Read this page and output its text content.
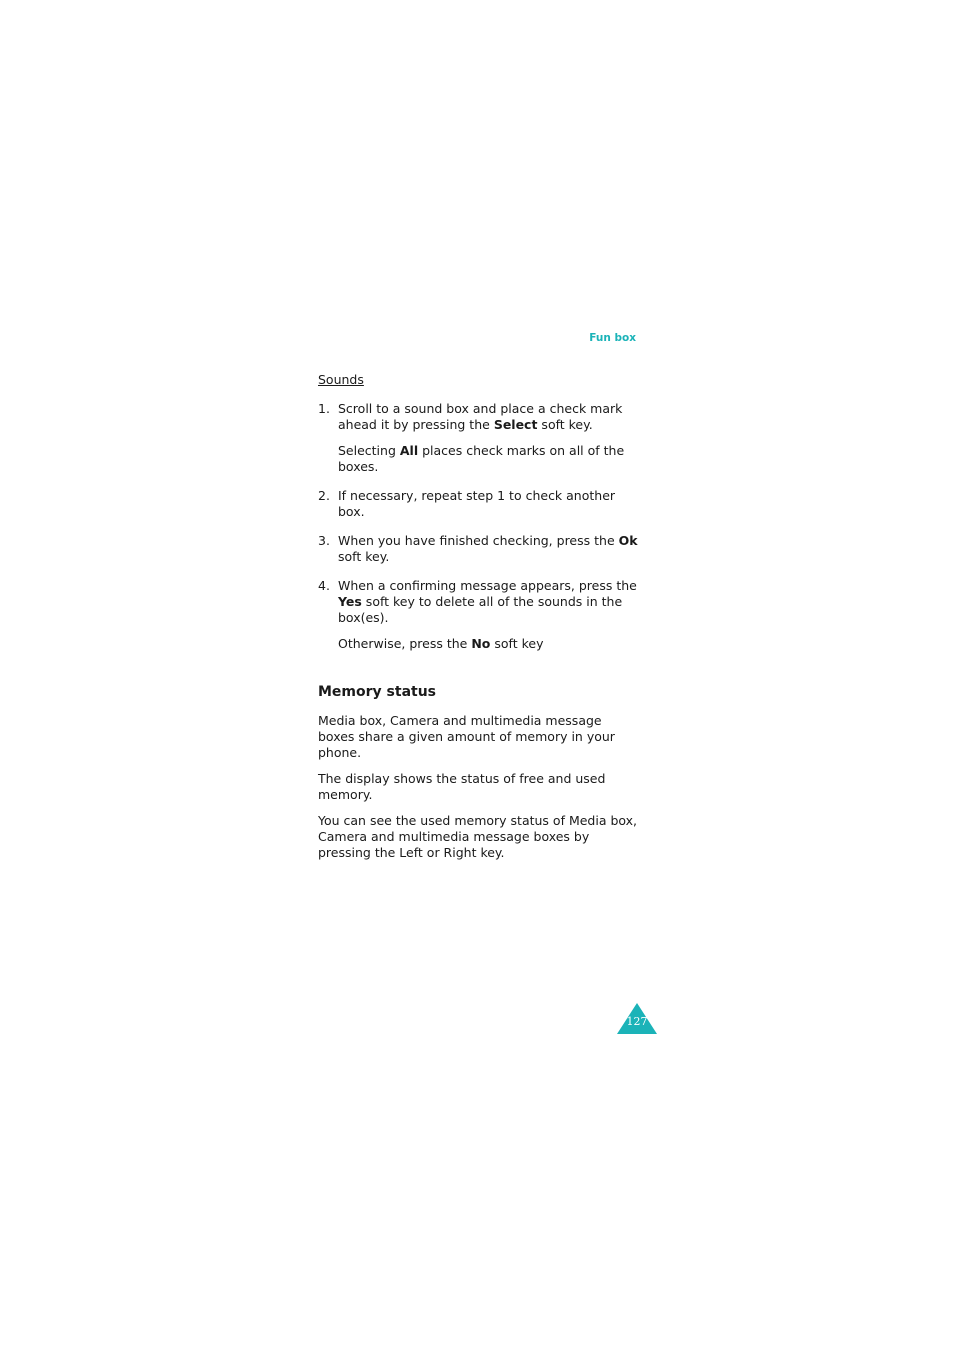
Fun box
Sounds
1. Scroll to a sound box and place a check mark ahead it by pressing the Select soft key.

Selecting All places check marks on all of the boxes.

2. If necessary, repeat step 1 to check another box.

3. When you have finished checking, press the Ok soft key.

4. When a confirming message appears, press the Yes soft key to delete all of the sounds in the box(es).

Otherwise, press the No soft key

Memory status

Media box, Camera and multimedia message boxes share a given amount of memory in your phone.

The display shows the status of free and used memory.

You can see the used memory status of Media box, Camera and multimedia message boxes by pressing the Left or Right key.

127
